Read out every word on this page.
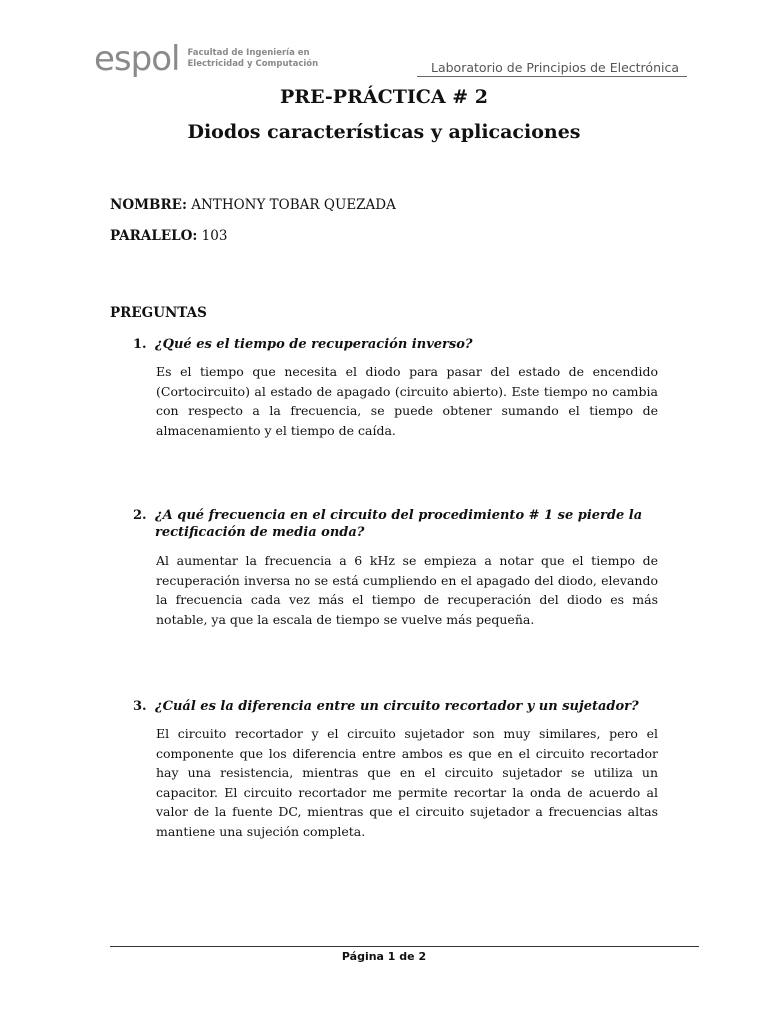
espol Facultad de Ingeniería en
Electricidad y Computación	Laboratorio de Principios de Electrónica
PRE-PRÁCTICA # 2
Diodos características y aplicaciones
NOMBRE: ANTHONY TOBAR QUEZADA
PARALELO: 103
PREGUNTAS
1. ¿Qué es el tiempo de recuperación inverso?
Es el tiempo que necesita el diodo para pasar del estado de encendido (Cortocircuito) al estado de apagado (circuito abierto). Este tiempo no cambia con respecto a la frecuencia, se puede obtener sumando el tiempo de almacenamiento y el tiempo de caída.
2. ¿A qué frecuencia en el circuito del procedimiento # 1 se pierde la rectificación de media onda?
Al aumentar la frecuencia a 6 kHz se empieza a notar que el tiempo de recuperación inversa no se está cumpliendo en el apagado del diodo, elevando la frecuencia cada vez más el tiempo de recuperación del diodo es más notable, ya que la escala de tiempo se vuelve más pequeña.
3. ¿Cuál es la diferencia entre un circuito recortador y un sujetador?
El circuito recortador y el circuito sujetador son muy similares, pero el componente que los diferencia entre ambos es que en el circuito recortador hay una resistencia, mientras que en el circuito sujetador se utiliza un capacitor. El circuito recortador me permite recortar la onda de acuerdo al valor de la fuente DC, mientras que el circuito sujetador a frecuencias altas mantiene una sujeción completa.
Página 1 de 2
